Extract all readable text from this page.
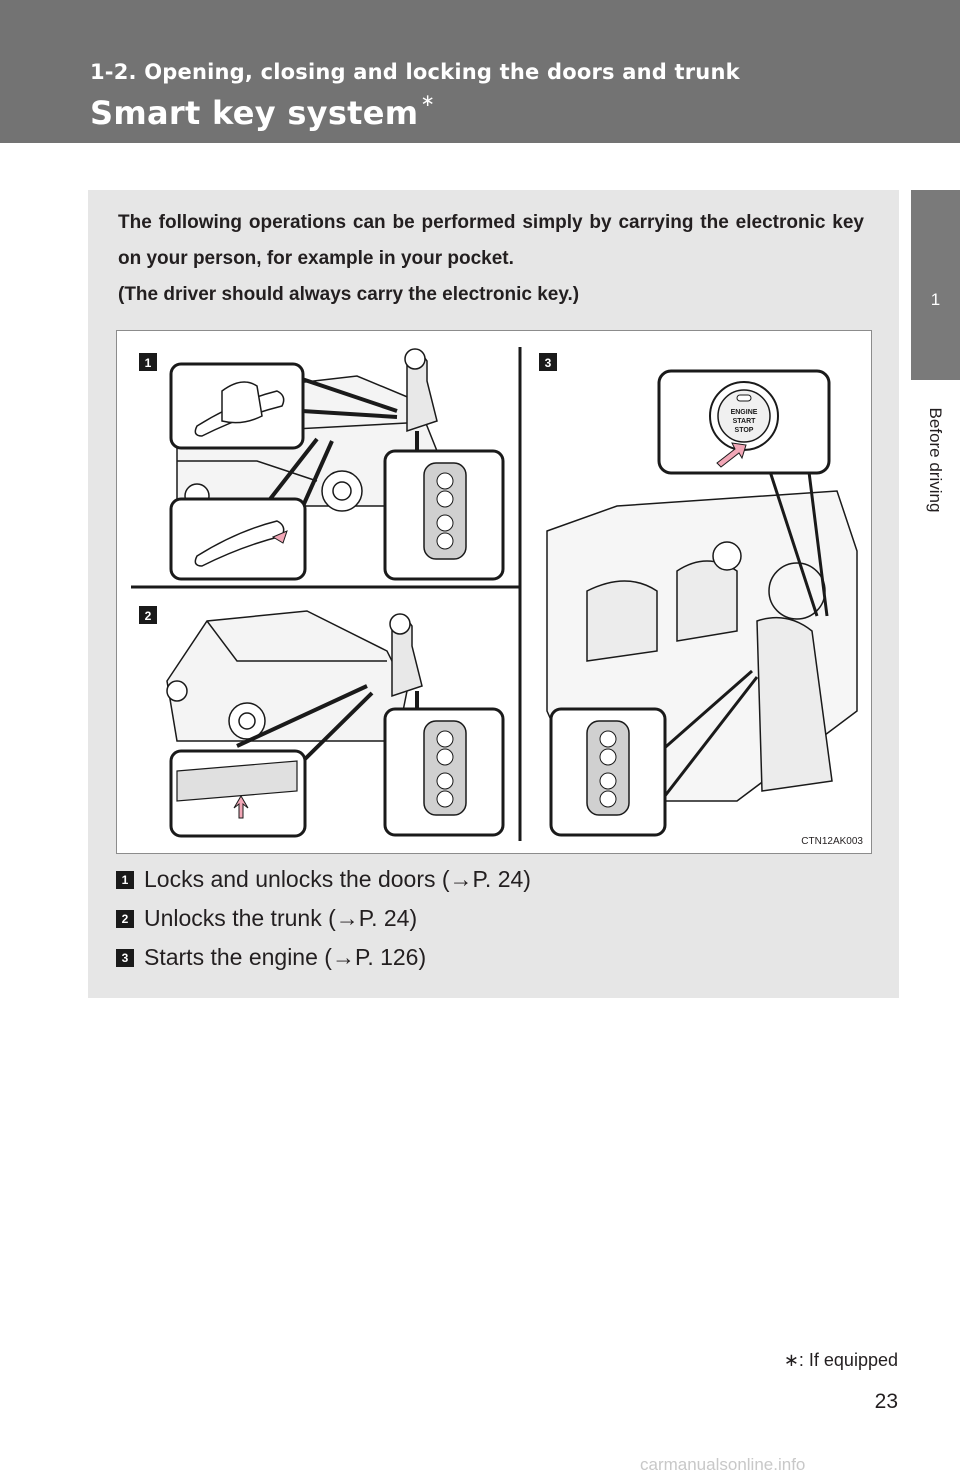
1-2. Opening, closing and locking the doors and trunk
Smart key system ∗
1
Before driving

The following operations can be performed simply by carrying the electronic key on your person, for example in your pocket.

(The driver should always carry the electronic key.)

1
2
3
ENGINE
START
STOP
CTN12AK003
1 Locks and unlocks the doors (→P. 24)
2 Unlocks the trunk (→P. 24)
3 Starts the engine (→P. 126)
∗: If equipped
23
carmanualsonline.info
